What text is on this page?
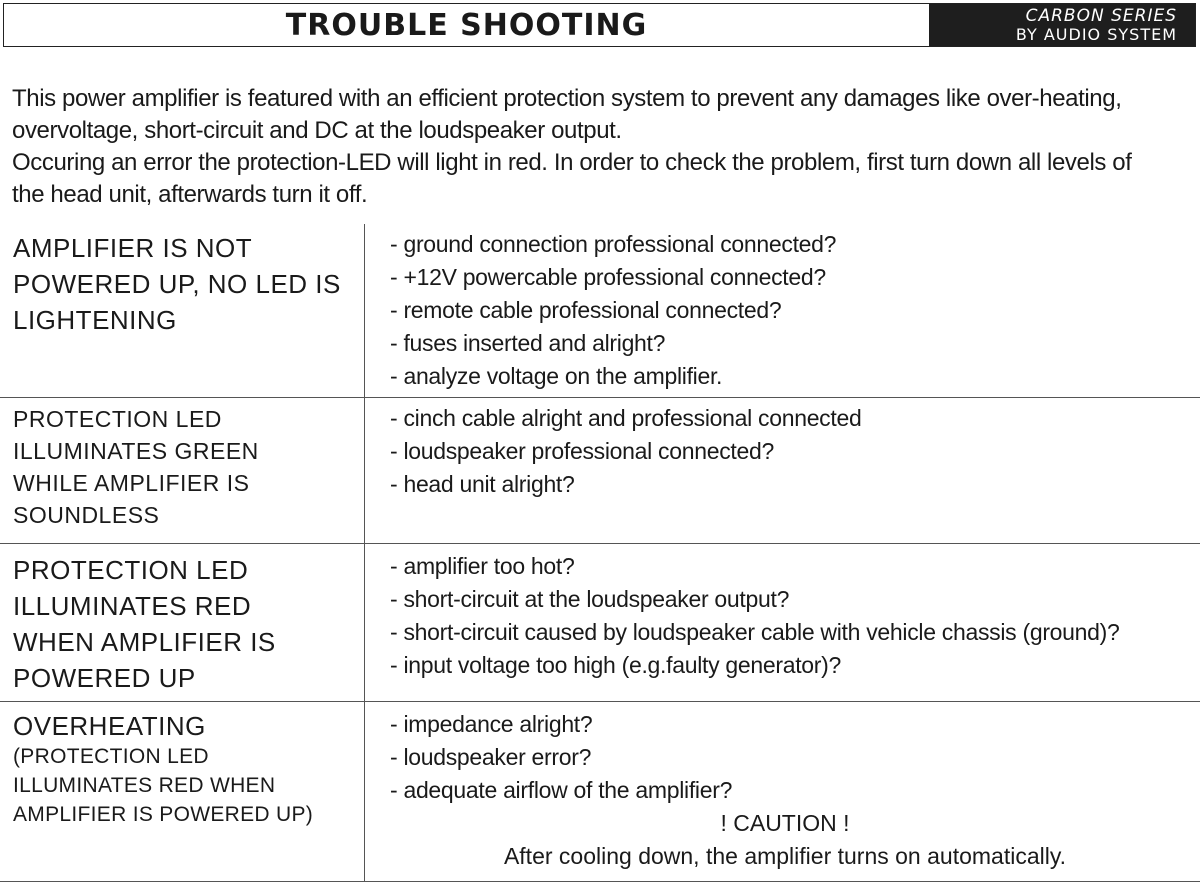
TROUBLE SHOOTING	CARBON SERIES
BY AUDIO SYSTEM

This power amplifier is featured with an efficient protection system to prevent any damages like over-heating,

overvoltage, short-circuit and DC at the loudspeaker output.

Occuring an error the protection-LED will light in red. In order to check the problem, first turn down all levels of

the head unit, afterwards turn it off.

AMPLIFIER IS NOT
POWERED UP, NO LED IS
LIGHTENING
- ground connection professional connected?
- +12V powercable professional connected?
- remote cable professional connected?
- fuses inserted and alright?
- analyze voltage on the amplifier.
PROTECTION LED
ILLUMINATES GREEN
WHILE AMPLIFIER IS
SOUNDLESS
- cinch cable alright and professional connected
- loudspeaker professional connected?
- head unit alright?
PROTECTION LED
ILLUMINATES RED
WHEN AMPLIFIER IS
POWERED UP
- amplifier too hot?
- short-circuit at the loudspeaker output?
- short-circuit caused by loudspeaker cable with vehicle chassis (ground)?
- input voltage too high (e.g.faulty generator)?
OVERHEATING
(PROTECTION LED
ILLUMINATES RED WHEN
AMPLIFIER IS POWERED UP)
- impedance alright?
- loudspeaker error?
- adequate airflow of the amplifier?
! CAUTION !
After cooling down, the amplifier turns on automatically.
